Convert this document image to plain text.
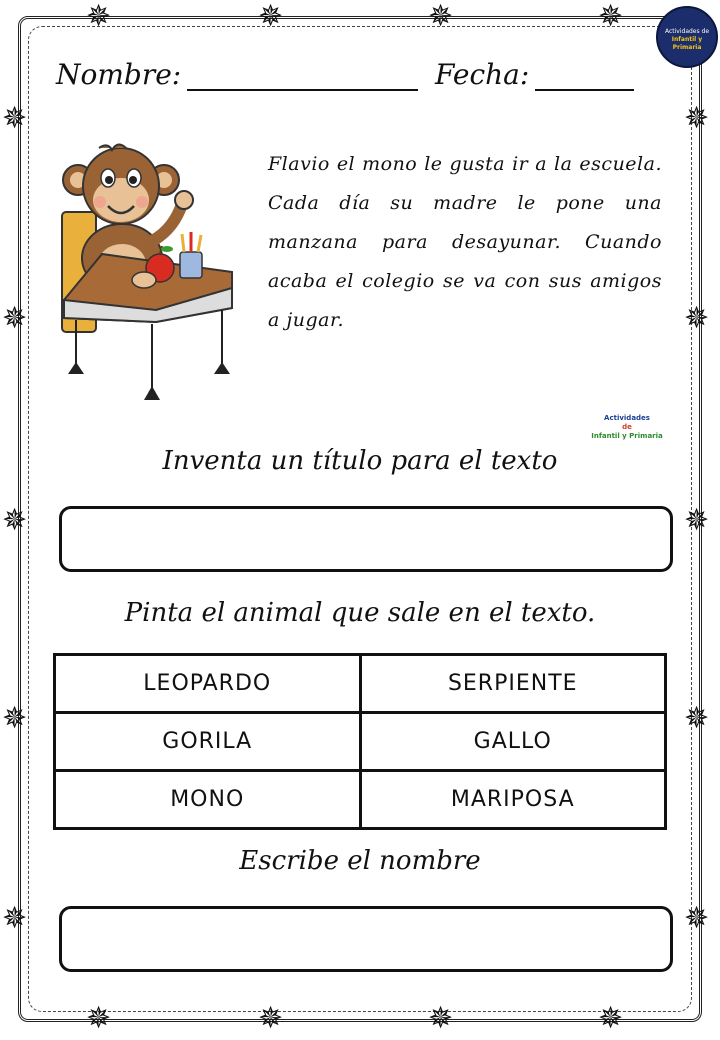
✵	✵	✵	✵
✵
✵
✵
✵
✵
✵
✵
✵
✵
✵
✵	✵	✵	✵
Actividades de
Infantil y Primaria
Nombre:	Fecha:
Flavio el mono le gusta ir a la escuela. Cada día su madre le pone una manzana para desayunar. Cuando acaba el colegio se va con sus amigos a jugar.
Actividades
de
Infantil y Primaria
Inventa un título para el texto
Pinta el animal que sale en el texto.
LEOPARDO	SERPIENTE
GORILA	GALLO
MONO	MARIPOSA
Escribe el nombre
